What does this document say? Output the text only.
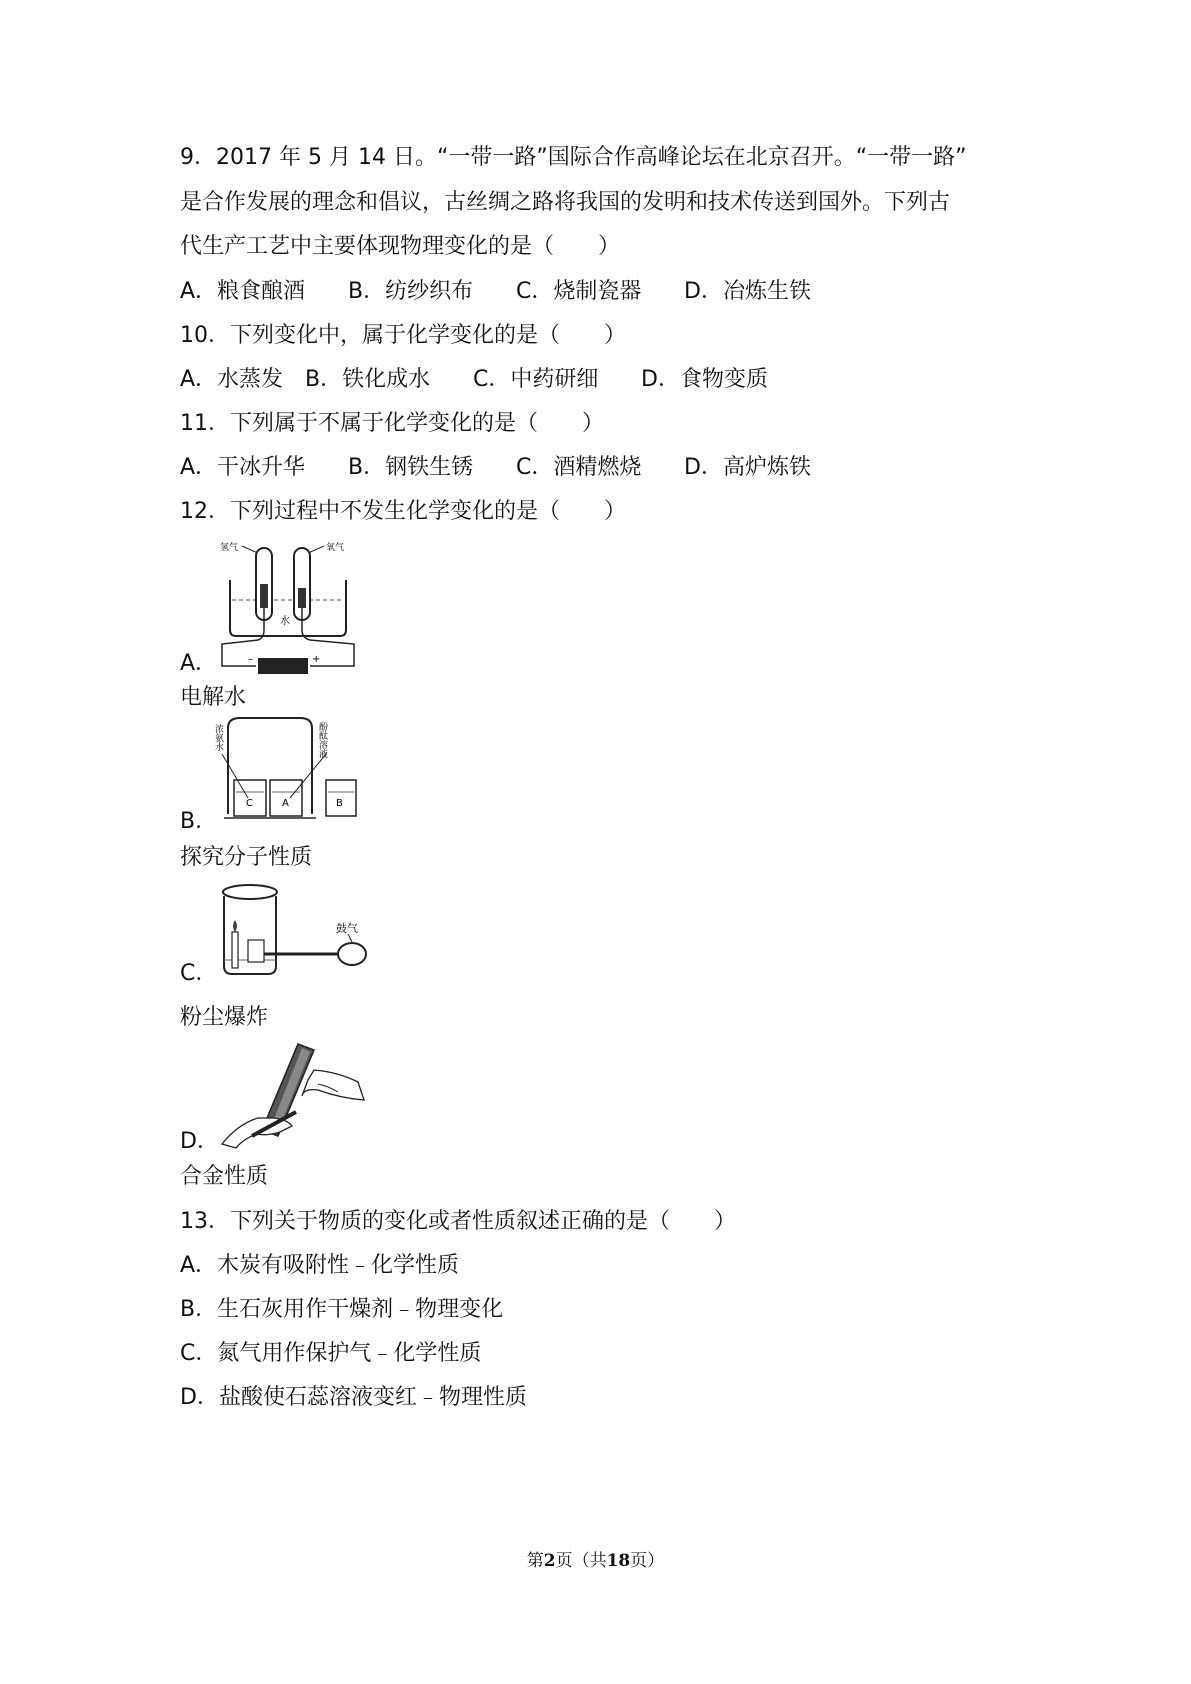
9．2017 年 5 月 14 日。“一带一路”国际合作高峰论坛在北京召开。“一带一路”
是合作发展的理念和倡议，古丝绸之路将我国的发明和技术传送到国外。下列古
代生产工艺中主要体现物理变化的是（　　）
A．粮食酿酒 B．纺纱织布 C．烧制瓷器 D．冶炼生铁
10．下列变化中，属于化学变化的是（　　）
A．水蒸发 B．铁化成水 C．中药研细 D．食物变质
11．下列属于不属于化学变化的是（　　）
A．干冰升华 B．钢铁生锈 C．酒精燃烧 D．高炉炼铁
12．下列过程中不发生化学变化的是（　　）
氢气	氧气
水
–	+
A．
电解水
浓氨水	酚酞溶液
C	A	B
B．
探究分子性质
鼓气
C．
粉尘爆炸
D．
合金性质
13．下列关于物质的变化或者性质叙述正确的是（　　）
A．木炭有吸附性﹣化学性质
B．生石灰用作干燥剂﹣物理变化
C．氮气用作保护气﹣化学性质
D．盐酸使石蕊溶液变红﹣物理性质
第2页（共18页）
